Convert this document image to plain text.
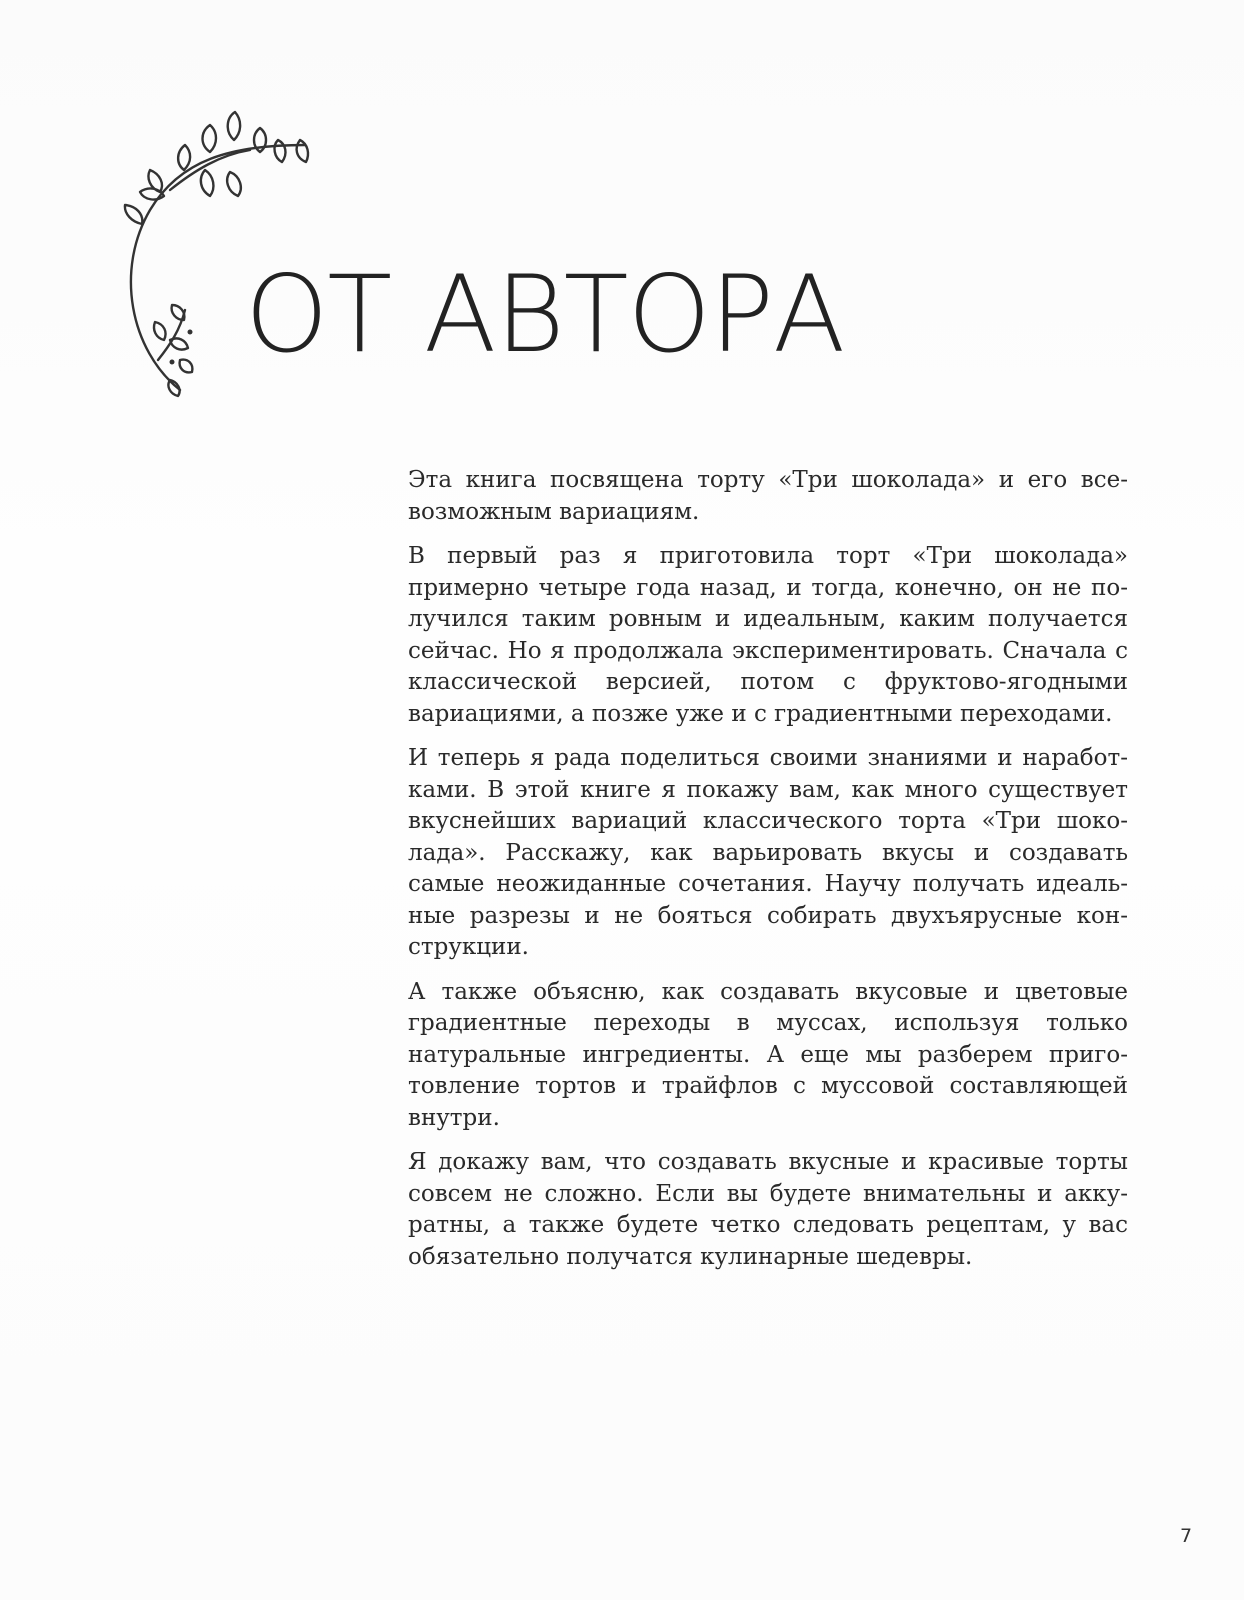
ОТ АВТОРА

Эта книга посвящена торту «Три шоколада» и его всевозможным вариациям.

В первый раз я приготовила торт «Три шоколада» примерно четыре года назад, и тогда, конечно, он не получился таким ровным и идеальным, каким получается сейчас. Но я продолжала экспериментировать. Сначала с классической версией, потом с фруктово-ягодными вариациями, а позже уже и с градиентными переходами.

И теперь я рада поделиться своими знаниями и наработками. В этой книге я покажу вам, как много существует вкуснейших вариаций классического торта «Три шоколада». Расскажу, как варьировать вкусы и создавать самые неожиданные сочетания. Научу получать идеальные разрезы и не бояться собирать двухъярусные конструкции.

А также объясню, как создавать вкусовые и цветовые градиентные переходы в муссах, используя только натуральные ингредиенты. А еще мы разберем приготовление тортов и трайфлов с муссовой составляющей внутри.

Я докажу вам, что создавать вкусные и красивые торты совсем не сложно. Если вы будете внимательны и аккуратны, а также будете четко следовать рецептам, у вас обязательно получатся кулинарные шедевры.

7
